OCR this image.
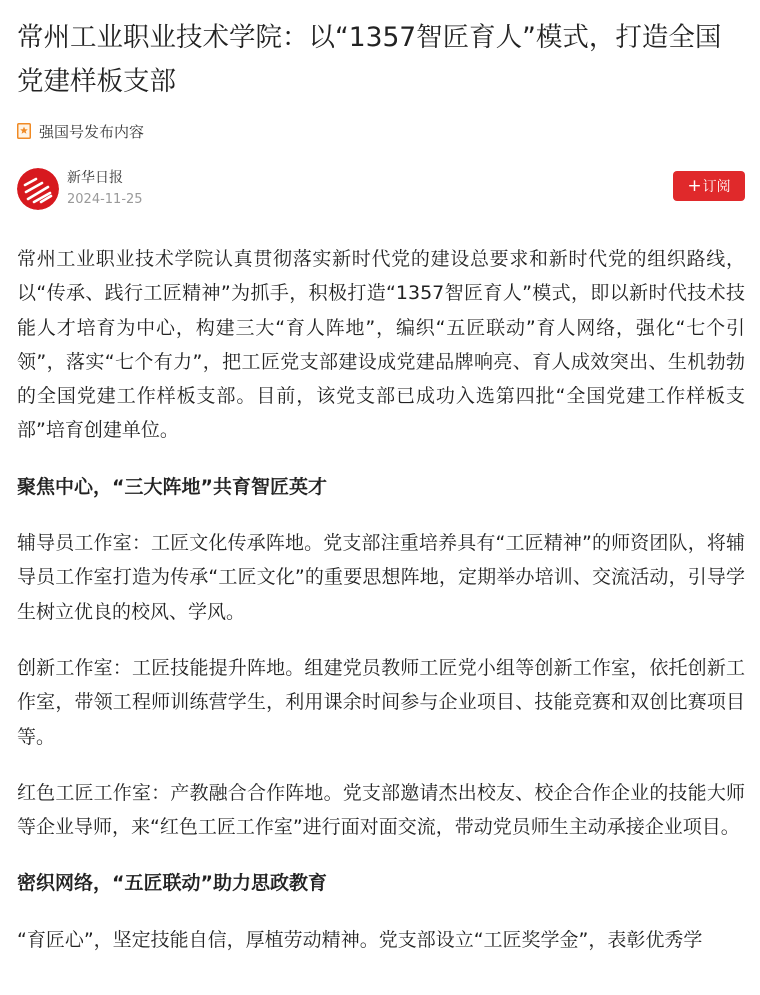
常州工业职业技术学院：以“1357智匠育人”模式，打造全国党建样板支部
强国号发布内容
新华日报
2024-11-25
+ 订阅

常州工业职业技术学院认真贯彻落实新时代党的建设总要求和新时代党的组织路线，以“传承、践行工匠精神”为抓手，积极打造“1357智匠育人”模式，即以新时代技术技能人才培育为中心，构建三大“育人阵地”，编织“五匠联动”育人网络，强化“七个引领”，落实“七个有力”，把工匠党支部建设成党建品牌响亮、育人成效突出、生机勃勃的全国党建工作样板支部。目前，该党支部已成功入选第四批“全国党建工作样板支部”培育创建单位。

聚焦中心，“三大阵地”共育智匠英才

辅导员工作室：工匠文化传承阵地。党支部注重培养具有“工匠精神”的师资团队，将辅导员工作室打造为传承“工匠文化”的重要思想阵地，定期举办培训、交流活动，引导学生树立优良的校风、学风。

创新工作室：工匠技能提升阵地。组建党员教师工匠党小组等创新工作室，依托创新工作室，带领工程师训练营学生，利用课余时间参与企业项目、技能竞赛和双创比赛项目等。

红色工匠工作室：产教融合合作阵地。党支部邀请杰出校友、校企合作企业的技能大师等企业导师，来“红色工匠工作室”进行面对面交流，带动党员师生主动承接企业项目。

密织网络，“五匠联动”助力思政教育

“育匠心”，坚定技能自信，厚植劳动精神。党支部设立“工匠奖学金”，表彰优秀学
